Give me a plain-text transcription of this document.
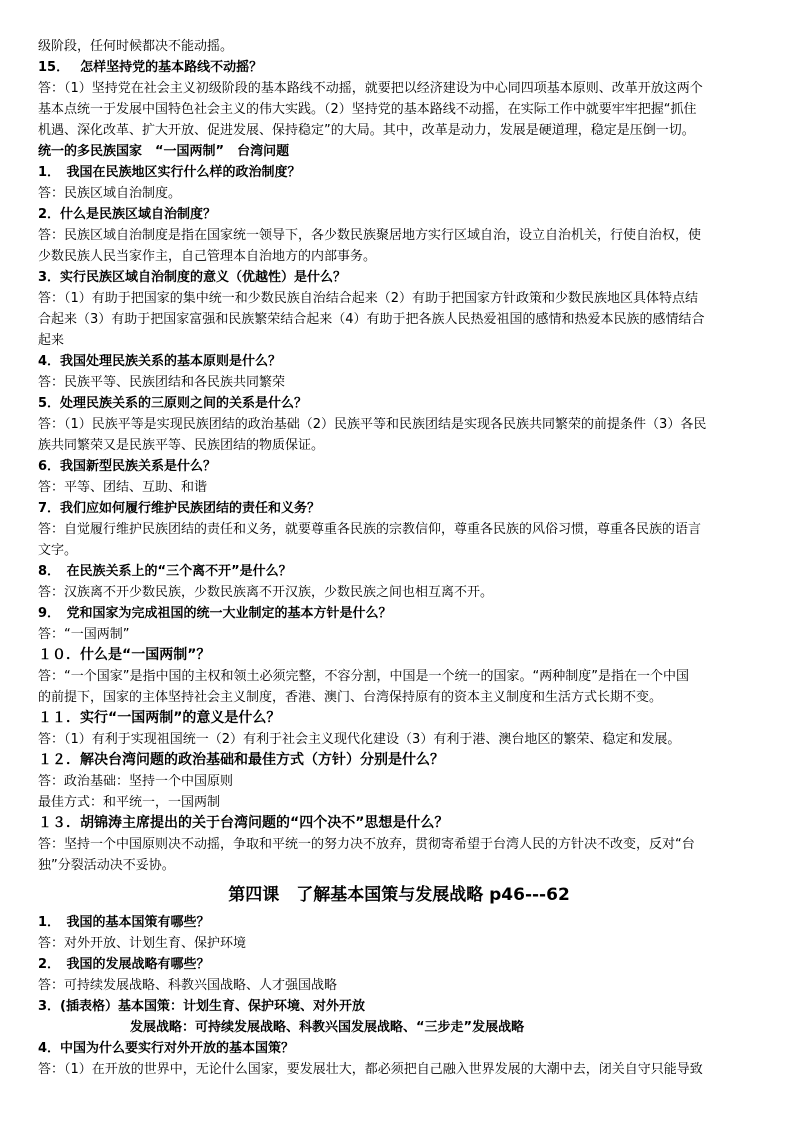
级阶段，任何时候都决不能动摇。
15．　 怎样坚持党的基本路线不动摇？
答：（1）坚持党在社会主义初级阶段的基本路线不动摇，就要把以经济建设为中心同四项基本原则、改革开放这两个
基本点统一于发展中国特色社会主义的伟大实践。（2）坚持党的基本路线不动摇，在实际工作中就要牢牢把握“抓住
机遇、深化改革、扩大开放、促进发展、保持稳定”的大局。其中，改革是动力，发展是硬道理，稳定是压倒一切。
统一的多民族国家　“一国两制”　台湾问题
1．　我国在民族地区实行什么样的政治制度？
答：民族区域自治制度。
2．什么是民族区域自治制度？
答：民族区域自治制度是指在国家统一领导下，各少数民族聚居地方实行区域自治，设立自治机关，行使自治权，使
少数民族人民当家作主，自己管理本自治地方的内部事务。
3．实行民族区域自治制度的意义（优越性）是什么？
答：（1）有助于把国家的集中统一和少数民族自治结合起来（2）有助于把国家方针政策和少数民族地区具体特点结
合起来（3）有助于把国家富强和民族繁荣结合起来（4）有助于把各族人民热爱祖国的感情和热爱本民族的感情结合
起来
4．我国处理民族关系的基本原则是什么？
答：民族平等、民族团结和各民族共同繁荣
5．处理民族关系的三原则之间的关系是什么？
答：（1）民族平等是实现民族团结的政治基础（2）民族平等和民族团结是实现各民族共同繁荣的前提条件（3）各民
族共同繁荣又是民族平等、民族团结的物质保证。
6．我国新型民族关系是什么？
答：平等、团结、互助、和谐
7．我们应如何履行维护民族团结的责任和义务？
答：自觉履行维护民族团结的责任和义务，就要尊重各民族的宗教信仰，尊重各民族的风俗习惯，尊重各民族的语言
文字。
8．　在民族关系上的“三个离不开”是什么？
答：汉族离不开少数民族，少数民族离不开汉族，少数民族之间也相互离不开。
9．　党和国家为完成祖国的统一大业制定的基本方针是什么？
答：“一国两制”
１０．什么是“一国两制”？
答：“一个国家”是指中国的主权和领土必须完整，不容分割，中国是一个统一的国家。“两种制度”是指在一个中国
的前提下，国家的主体坚持社会主义制度，香港、澳门、台湾保持原有的资本主义制度和生活方式长期不变。
１１．实行“一国两制”的意义是什么？
答：（1）有利于实现祖国统一（2）有利于社会主义现代化建设（3）有利于港、澳台地区的繁荣、稳定和发展。
１２．解决台湾问题的政治基础和最佳方式（方针）分别是什么？
答：政治基础：坚持一个中国原则
最佳方式：和平统一，一国两制
１３．胡锦涛主席提出的关于台湾问题的“四个决不”思想是什么？
答：坚持一个中国原则决不动摇，争取和平统一的努力决不放弃，贯彻寄希望于台湾人民的方针决不改变，反对“台
独”分裂活动决不妥协。
第四课　了解基本国策与发展战略 p46---62
1．　我国的基本国策有哪些？
答：对外开放、计划生育、保护环境
2．　我国的发展战略有哪些？
答：可持续发展战略、科教兴国战略、人才强国战略
3．(插表格）基本国策：计划生育、保护环境、对外开放
发展战略：可持续发展战略、科教兴国发展战略、“三步走”发展战略
4．中国为什么要实行对外开放的基本国策？
答：（1）在开放的世界中，无论什么国家，要发展壮大，都必须把自己融入世界发展的大潮中去，闭关自守只能导致
